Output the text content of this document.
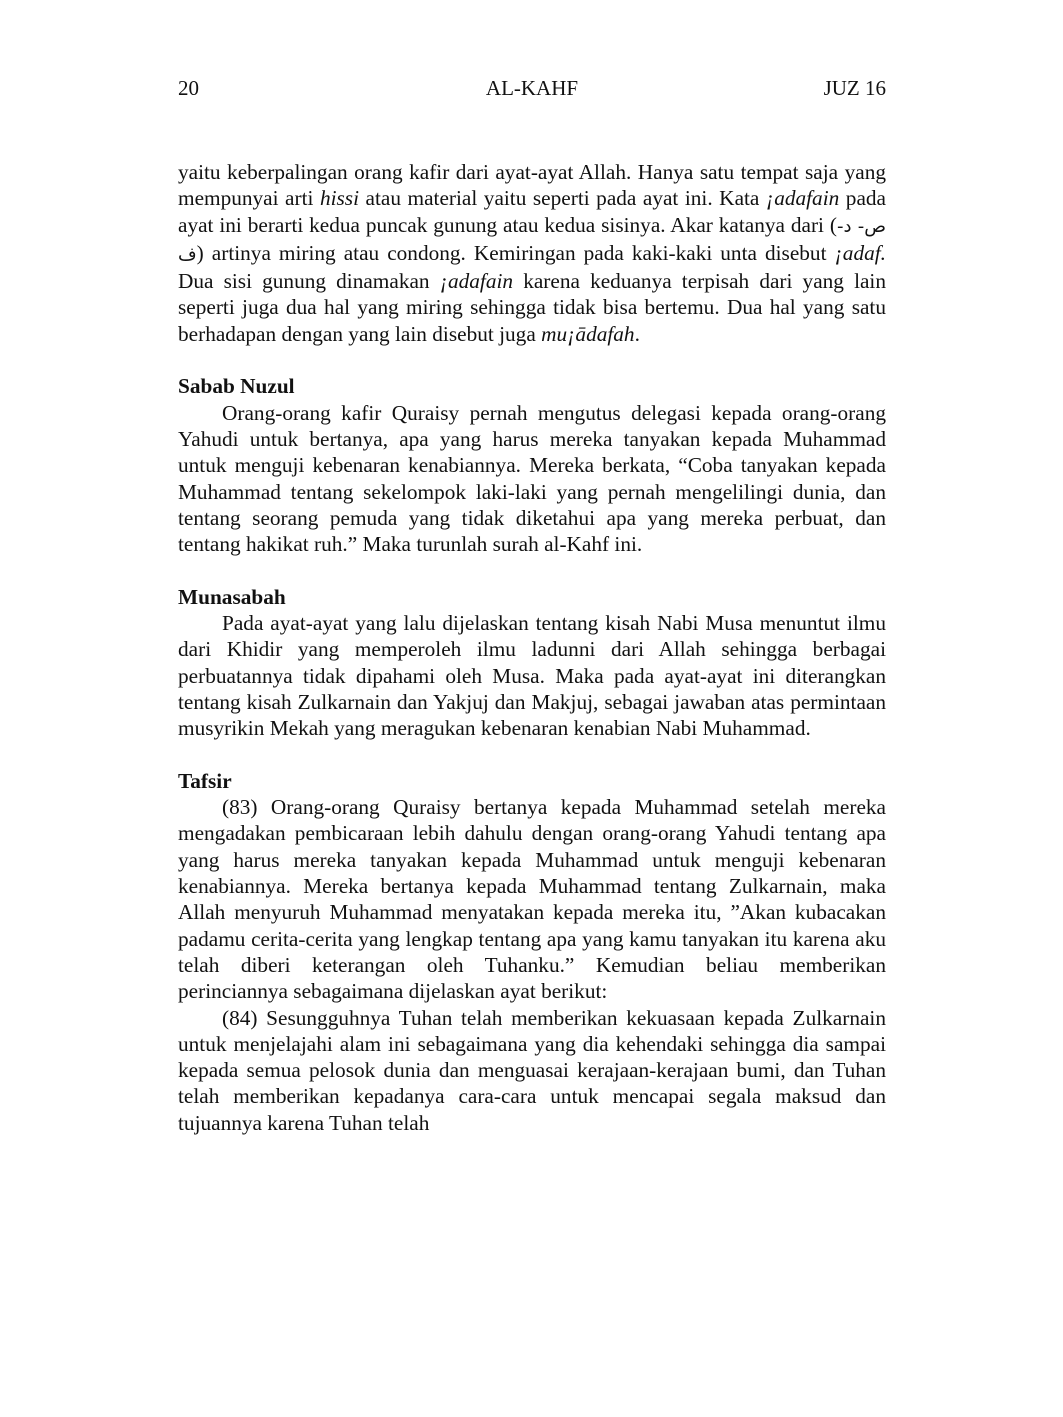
20	AL-KAHF	JUZ 16

yaitu keberpalingan orang kafir dari ayat-ayat Allah. Hanya satu tempat saja yang mempunyai arti hissi atau material yaitu seperti pada ayat ini. Kata ¡adafain pada ayat ini berarti kedua puncak gunung atau kedua sisinya. Akar katanya dari (ص- د- ف) artinya miring atau condong. Kemiringan pada kaki-kaki unta disebut ¡adaf. Dua sisi gunung dinamakan ¡adafain karena keduanya terpisah dari yang lain seperti juga dua hal yang miring sehingga tidak bisa bertemu. Dua hal yang satu berhadapan dengan yang lain disebut juga mu¡ādafah.

Sabab Nuzul

Orang-orang kafir Quraisy pernah mengutus delegasi kepada orang-orang Yahudi untuk bertanya, apa yang harus mereka tanyakan kepada Muhammad untuk menguji kebenaran kenabiannya. Mereka berkata, “Coba tanyakan kepada Muhammad tentang sekelompok laki-laki yang pernah mengelilingi dunia, dan tentang seorang pemuda yang tidak diketahui apa yang mereka perbuat, dan tentang hakikat ruh.” Maka turunlah surah al-Kahf ini.

Munasabah

Pada ayat-ayat yang lalu dijelaskan tentang kisah Nabi Musa menuntut ilmu dari Khidir yang memperoleh ilmu ladunni dari Allah sehingga berbagai perbuatannya tidak dipahami oleh Musa. Maka pada ayat-ayat ini diterangkan tentang kisah Zulkarnain dan Yakjuj dan Makjuj, sebagai jawaban atas permintaan musyrikin Mekah yang meragukan kebenaran kenabian Nabi Muhammad.

Tafsir

(83) Orang-orang Quraisy bertanya kepada Muhammad setelah mereka mengadakan pembicaraan lebih dahulu dengan orang-orang Yahudi tentang apa yang harus mereka tanyakan kepada Muhammad untuk menguji kebenaran kenabiannya. Mereka bertanya kepada Muhammad tentang Zulkarnain, maka Allah menyuruh Muhammad menyatakan kepada mereka itu, ”Akan kubacakan padamu cerita-cerita yang lengkap tentang apa yang kamu tanyakan itu karena aku telah diberi keterangan oleh Tuhanku.” Kemudian beliau memberikan perinciannya sebagaimana dijelaskan ayat berikut:

(84) Sesungguhnya Tuhan telah memberikan kekuasaan kepada Zulkarnain untuk menjelajahi alam ini sebagaimana yang dia kehendaki sehingga dia sampai kepada semua pelosok dunia dan menguasai kerajaan-kerajaan bumi, dan Tuhan telah memberikan kepadanya cara-cara untuk mencapai segala maksud dan tujuannya karena Tuhan telah
